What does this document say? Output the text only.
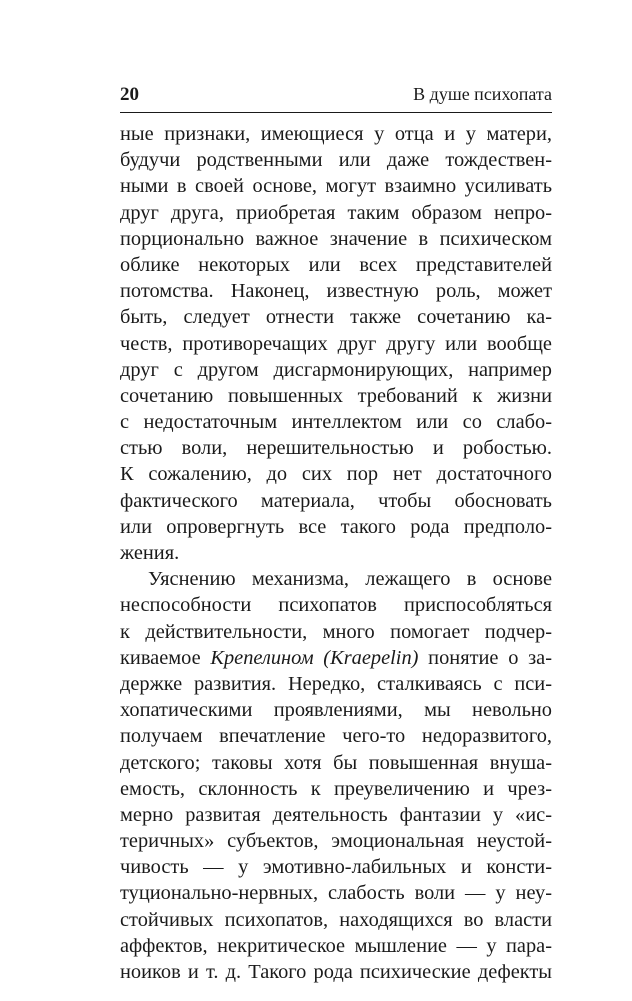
20	В душе психопата
ные признаки, имеющиеся у отца и у матери,
будучи родственными или даже тождествен-
ными в своей основе, могут взаимно усиливать
друг друга, приобретая таким образом непро-
порционально важное значение в психическом
облике некоторых или всех представителей
потомства. Наконец, известную роль, может
быть, следует отнести также сочетанию ка-
честв, противоречащих друг другу или вообще
друг с другом дисгармонирующих, например
сочетанию повышенных требований к жизни
с недостаточным интеллектом или со слабо-
стью воли, нерешительностью и робостью.
К сожалению, до сих пор нет достаточного
фактического материала, чтобы обосновать
или опровергнуть все такого рода предполо-
жения.
Уяснению механизма, лежащего в основе
неспособности психопатов приспособляться
к действительности, много помогает подчер-
киваемое Крепелином (Kraepelin) понятие о за-
держке развития. Нередко, сталкиваясь с пси-
хопатическими проявлениями, мы невольно
получаем впечатление чего-то недоразвитого,
детского; таковы хотя бы повышенная внуша-
емость, склонность к преувеличению и чрез-
мерно развитая деятельность фантазии у «ис-
теричных» субъектов, эмоциональная неустой-
чивость — у эмотивно-лабильных и консти-
туционально-нервных, слабость воли — у неу-
стойчивых психопатов, находящихся во власти
аффектов, некритическое мышление — у пара-
ноиков и т. д. Такого рода психические дефекты
